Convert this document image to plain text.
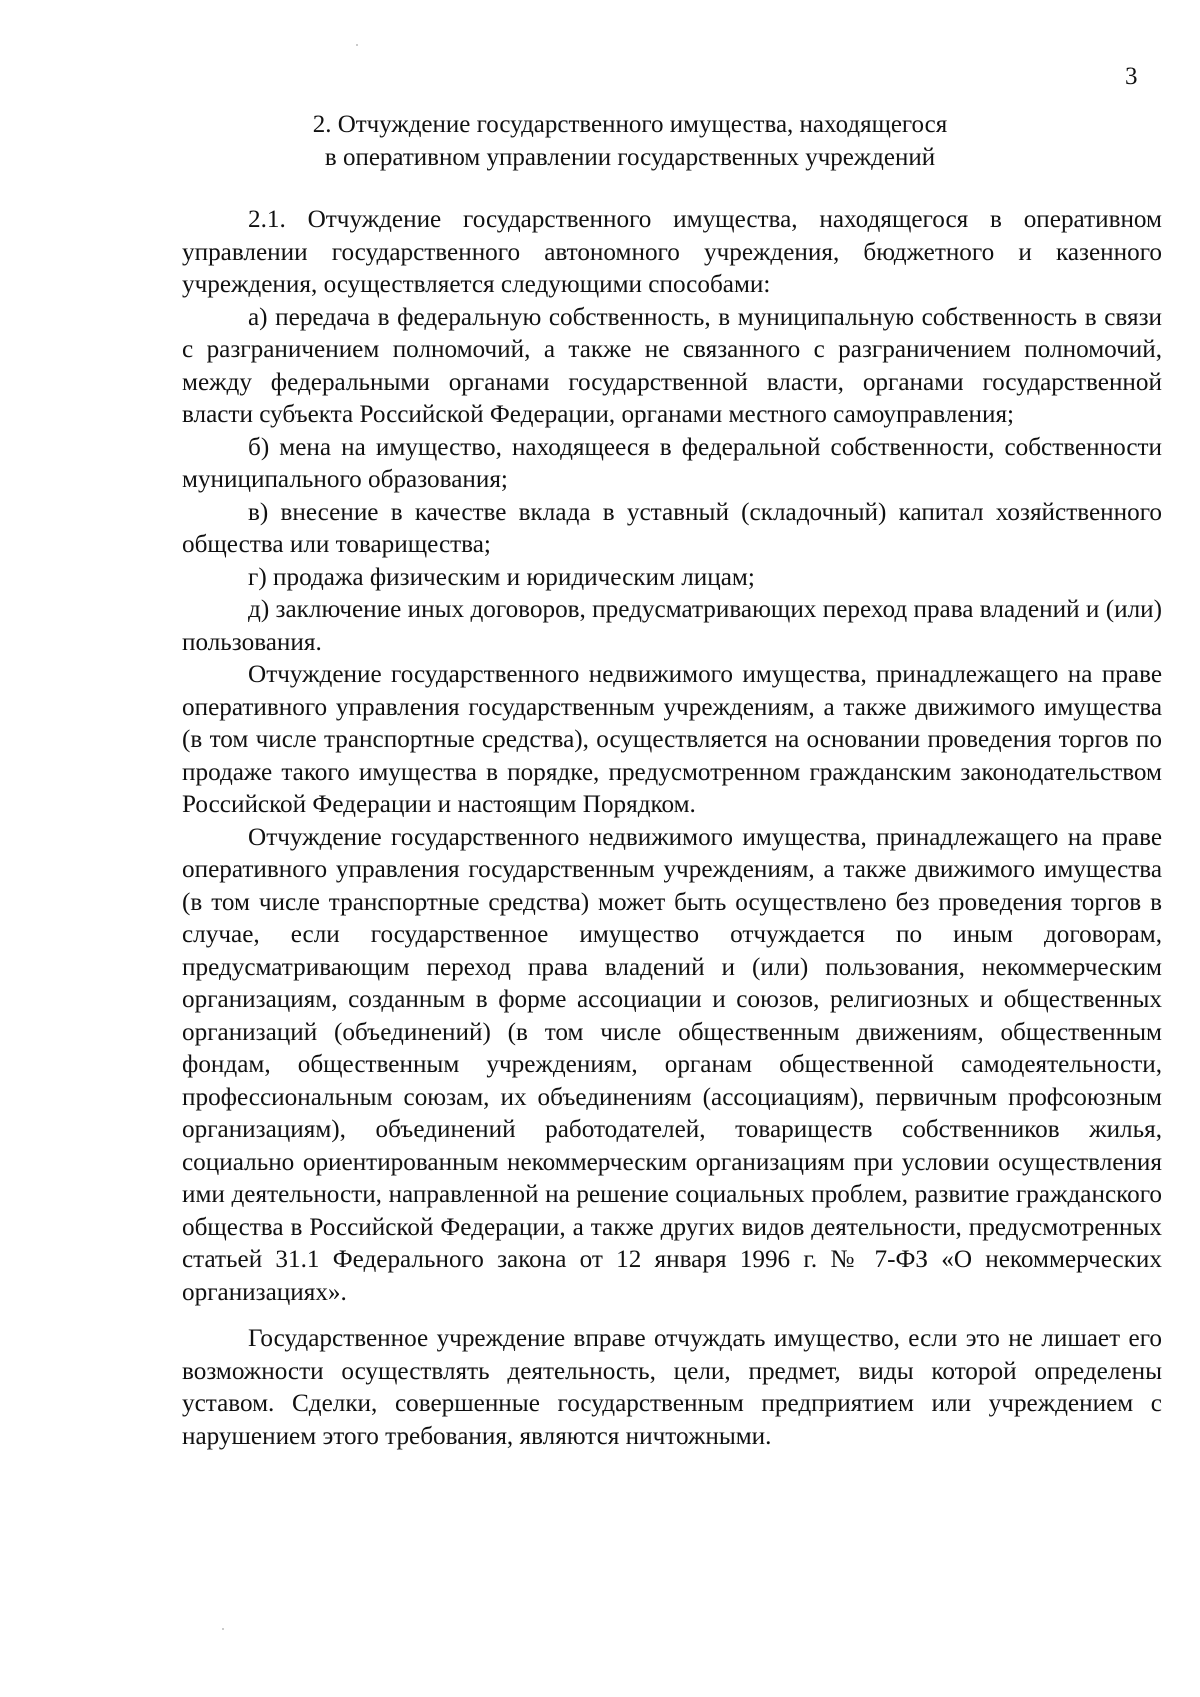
3
2. Отчуждение государственного имущества, находящегося
в оперативном управлении государственных учреждений

2.1. Отчуждение государственного имущества, находящегося в оперативном управлении государственного автономного учреждения, бюджетного и казенного учреждения, осуществляется следующими способами:

а) передача в федеральную собственность, в муниципальную собственность в связи с разграничением полномочий, а также не связанного с разграничением полномочий, между федеральными органами государственной власти, органами государственной власти субъекта Российской Федерации, органами местного самоуправления;

б) мена на имущество, находящееся в федеральной собственности, собственности муниципального образования;

в) внесение в качестве вклада в уставный (складочный) капитал хозяйственного общества или товарищества;

г) продажа физическим и юридическим лицам;

д) заключение иных договоров, предусматривающих переход права владений и (или) пользования.

Отчуждение государственного недвижимого имущества, принадлежащего на праве оперативного управления государственным учреждениям, а также движимого имущества (в том числе транспортные средства), осуществляется на основании проведения торгов по продаже такого имущества в порядке, предусмотренном гражданским законодательством Российской Федерации и настоящим Порядком.

Отчуждение государственного недвижимого имущества, принадлежащего на праве оперативного управления государственным учреждениям, а также движимого имущества (в том числе транспортные средства) может быть осуществлено без проведения торгов в случае, если государственное имущество отчуждается по иным договорам, предусматривающим переход права владений и (или) пользования, некоммерческим организациям, созданным в форме ассоциации и союзов, религиозных и общественных организаций (объединений) (в том числе общественным движениям, общественным фондам, общественным учреждениям, органам общественной самодеятельности, профессиональным союзам, их объединениям (ассоциациям), первичным профсоюзным организациям), объединений работодателей, товариществ собственников жилья, социально ориентированным некоммерческим организациям при условии осуществления ими деятельности, направленной на решение социальных проблем, развитие гражданского общества в Российской Федерации, а также других видов деятельности, предусмотренных статьей 31.1 Федерального закона от 12 января 1996 г. № 7-ФЗ «О некоммерческих организациях».

Государственное учреждение вправе отчуждать имущество, если это не лишает его возможности осуществлять деятельность, цели, предмет, виды которой определены уставом. Сделки, совершенные государственным предприятием или учреждением с нарушением этого требования, являются ничтожными.
